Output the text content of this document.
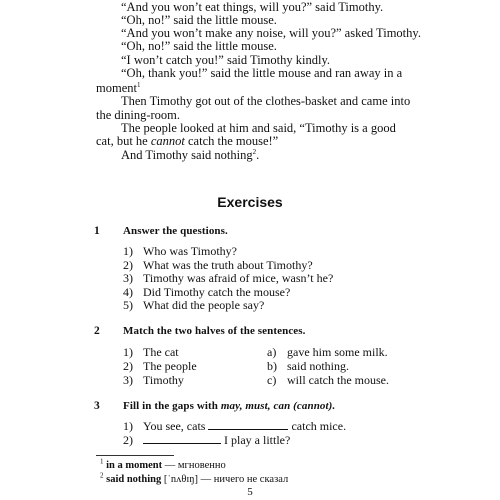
“And you won’t eat things, will you?” said Timothy.
“Oh, no!” said the little mouse.
“And you won’t make any noise, will you?” asked Timothy.
“Oh, no!” said the little mouse.
“I won’t catch you!” said Timothy kindly.
“Oh, thank you!” said the little mouse and ran away in a
moment$^1$
Then Timothy got out of the clothes-basket and came into
the dining-room.
The people looked at him and said, “Timothy is a good
cat, but he cannot catch the mouse!”
And Timothy said nothing$^2$.
Exercises
1 Answer the questions.
1) Who was Timothy?
2) What was the truth about Timothy?
3) Timothy was afraid of mice, wasn’t he?
4) Did Timothy catch the mouse?
5) What did the people say?
2 Match the two halves of the sentences.
1) The cat
2) The people
3) Timothy
a) gave him some milk.
b) said nothing.
c) will catch the mouse.
3 Fill in the gaps with may, must, can (cannot).
1) You see, cats	catch mice.
2)	I play a little?
$^1$ in a moment — мгновенно
$^2$ said nothing [ˈnʌθɪŋ] — ничего не сказал
5
